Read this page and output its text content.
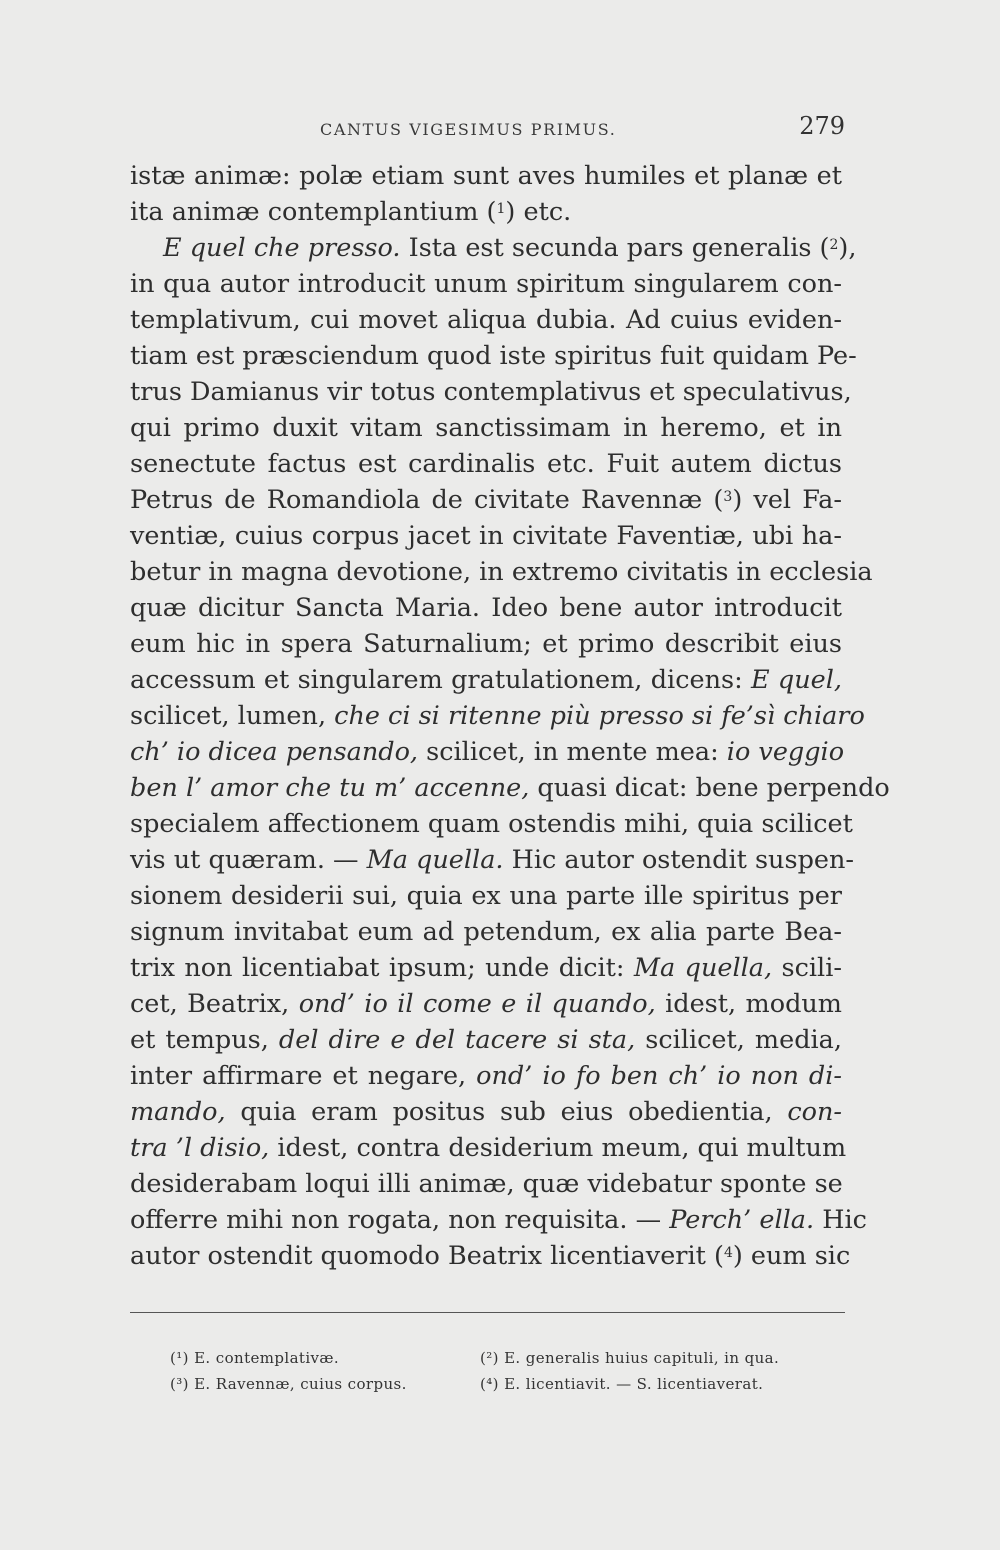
CANTUS VIGESIMUS PRIMUS.	279
istæ animæ: polæ etiam sunt aves humiles et planæ et
ita animæ contemplantium ($^1$) etc.
E quel che presso. Ista est secunda pars generalis ($^2$),
in qua autor introducit unum spiritum singularem con-
templativum, cui movet aliqua dubia. Ad cuius eviden-
tiam est præsciendum quod iste spiritus fuit quidam Pe-
trus Damianus vir totus contemplativus et speculativus,
qui primo duxit vitam sanctissimam in heremo, et in
senectute factus est cardinalis etc. Fuit autem dictus
Petrus de Romandiola de civitate Ravennæ ($^3$) vel Fa-
ventiæ, cuius corpus jacet in civitate Faventiæ, ubi ha-
betur in magna devotione, in extremo civitatis in ecclesia
quæ dicitur Sancta Maria. Ideo bene autor introducit
eum hic in spera Saturnalium; et primo describit eius
accessum et singularem gratulationem, dicens: E quel,
scilicet, lumen, che ci si ritenne più presso si fe’sì chiaro
ch’ io dicea pensando, scilicet, in mente mea: io veggio
ben l’ amor che tu m’ accenne, quasi dicat: bene perpendo
specialem affectionem quam ostendis mihi, quia scilicet
vis ut quæram. — Ma quella. Hic autor ostendit suspen-
sionem desiderii sui, quia ex una parte ille spiritus per
signum invitabat eum ad petendum, ex alia parte Bea-
trix non licentiabat ipsum; unde dicit: Ma quella, scili-
cet, Beatrix, ond’ io il come e il quando, idest, modum
et tempus, del dire e del tacere si sta, scilicet, media,
inter affirmare et negare, ond’ io fo ben ch’ io non di-
mando, quia eram positus sub eius obedientia, con-
tra ’l disio, idest, contra desiderium meum, qui multum
desiderabam loqui illi animæ, quæ videbatur sponte se
offerre mihi non rogata, non requisita. — Perch’ ella. Hic
autor ostendit quomodo Beatrix licentiaverit ($^4$) eum sic
(¹) E. contemplativæ.	(²) E. generalis huius capituli, in qua.
(³) E. Ravennæ, cuius corpus.	(⁴) E. licentiavit. — S. licentiaverat.
